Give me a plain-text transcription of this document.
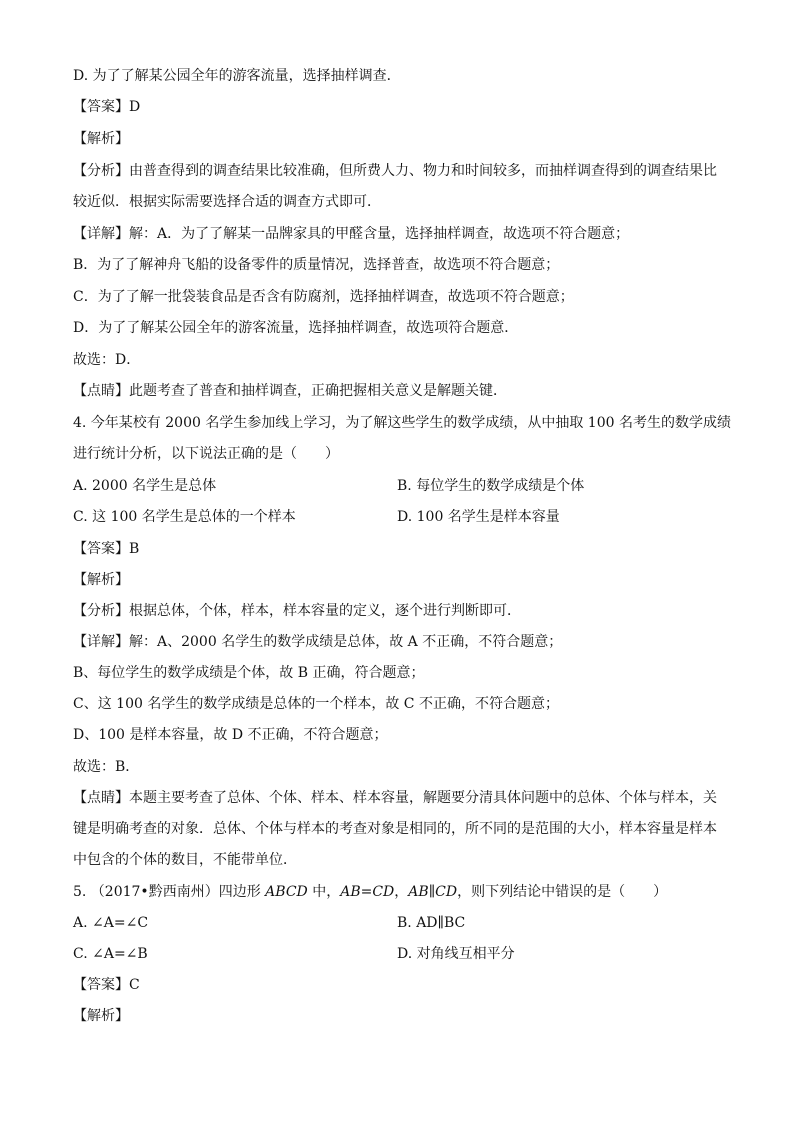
D. 为了了解某公园全年的游客流量，选择抽样调查．
【答案】D
【解析】
【分析】由普查得到的调查结果比较准确，但所费人力、物力和时间较多，而抽样调查得到的调查结果比
较近似．根据实际需要选择合适的调查方式即可．
【详解】解：A．为了了解某一品牌家具的甲醛含量，选择抽样调查，故选项不符合题意；
B．为了了解神舟飞船的设备零件的质量情况，选择普查，故选项不符合题意；
C．为了了解一批袋装食品是否含有防腐剂，选择抽样调查，故选项不符合题意；
D．为了了解某公园全年的游客流量，选择抽样调查，故选项符合题意．
故选：D．
【点睛】此题考查了普查和抽样调查，正确把握相关意义是解题关键．
4. 今年某校有 2000 名学生参加线上学习，为了解这些学生的数学成绩，从中抽取 100 名考生的数学成绩
进行统计分析，以下说法正确的是（　　）
A. 2000 名学生是总体	B. 每位学生的数学成绩是个体
C. 这 100 名学生是总体的一个样本	D. 100 名学生是样本容量
【答案】B
【解析】
【分析】根据总体，个体，样本，样本容量的定义，逐个进行判断即可．
【详解】解：A、2000 名学生的数学成绩是总体，故 A 不正确，不符合题意；
B、每位学生的数学成绩是个体，故 B 正确，符合题意；
C、这 100 名学生的数学成绩是总体的一个样本，故 C 不正确，不符合题意；
D、100 是样本容量，故 D 不正确，不符合题意；
故选：B．
【点睛】本题主要考查了总体、个体、样本、样本容量，解题要分清具体问题中的总体、个体与样本，关
键是明确考查的对象．总体、个体与样本的考查对象是相同的，所不同的是范围的大小，样本容量是样本
中包含的个体的数目，不能带单位．
5. （2017•黔西南州）四边形 ABCD 中，AB=CD，AB∥CD，则下列结论中错误的是（　　）
A. ∠A=∠C	B. AD∥BC
C. ∠A=∠B	D. 对角线互相平分
【答案】C
【解析】
